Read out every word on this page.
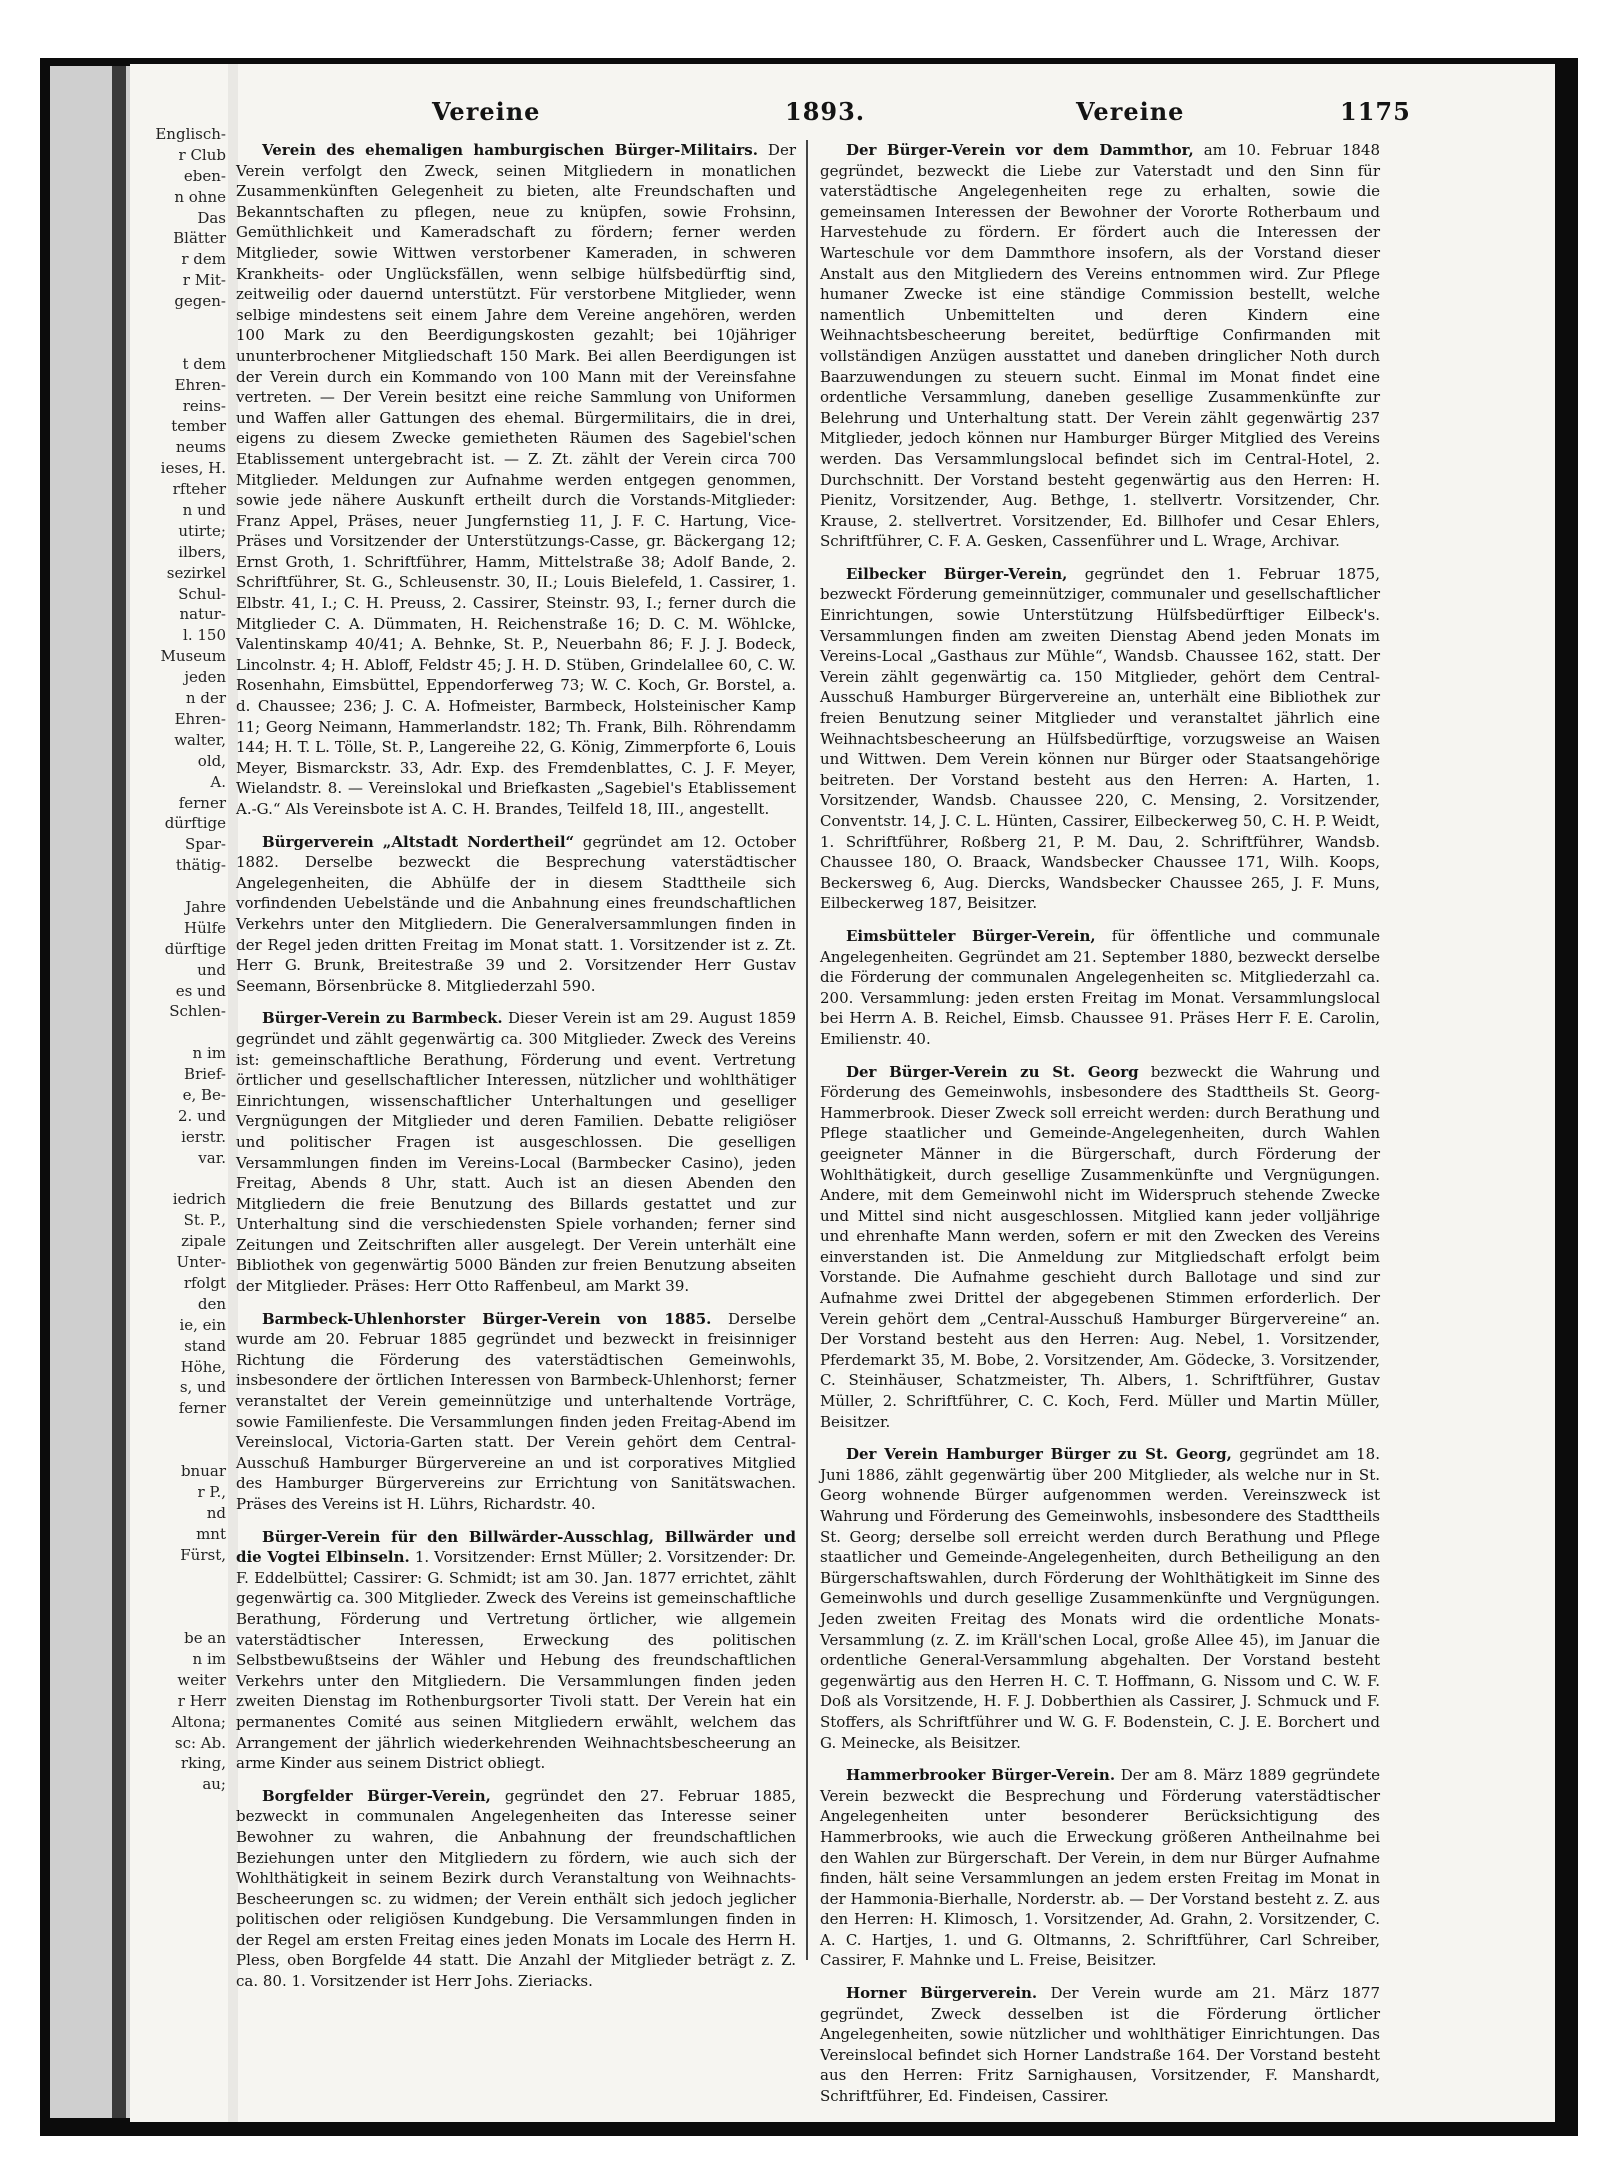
Englisch-
r Club
eben-
n ohne
Das
Blätter
r dem
r Mit-
gegen-
t dem
Ehren-
reins-
tember
neums
ieses, H.
rfteher
n und
utirte;
ilbers,
sezirkel
Schul-
natur-
l. 150
Museum
jeden
n der
Ehren-
walter,
old,
A.
ferner
dürftige
Spar-
thätig-
Jahre
Hülfe
dürftige
und
es und
Schlen-
n im
Brief-
e, Be-
2. und
ierstr.
var.
iedrich
St. P.,
zipale
Unter-
rfolgt
den
ie, ein
stand
Höhe,
s, und
ferner
bnuar
r P.,
nd
mnt
Fürst,
be an
n im
weiter
r Herr
Altona;
sc: Ab.
rking,
au;
Vereine	1893.	Vereine	1175

Verein des ehemaligen hamburgischen Bürger-Militairs. Der Verein verfolgt den Zweck, seinen Mitgliedern in monatlichen Zusammenkünften Gelegenheit zu bieten, alte Freundschaften und Bekanntschaften zu pflegen, neue zu knüpfen, sowie Frohsinn, Gemüthlichkeit und Kameradschaft zu fördern; ferner werden Mitglieder, sowie Wittwen verstorbener Kameraden, in schweren Krankheits- oder Unglücksfällen, wenn selbige hülfsbedürftig sind, zeitweilig oder dauernd unterstützt. Für verstorbene Mitglieder, wenn selbige mindestens seit einem Jahre dem Vereine angehören, werden 100 Mark zu den Beerdigungskosten gezahlt; bei 10jähriger ununterbrochener Mitgliedschaft 150 Mark. Bei allen Beerdigungen ist der Verein durch ein Kommando von 100 Mann mit der Vereinsfahne vertreten. — Der Verein besitzt eine reiche Sammlung von Uniformen und Waffen aller Gattungen des ehemal. Bürgermilitairs, die in drei, eigens zu diesem Zwecke gemietheten Räumen des Sagebiel'schen Etablissement untergebracht ist. — Z. Zt. zählt der Verein circa 700 Mitglieder. Meldungen zur Aufnahme werden entgegen genommen, sowie jede nähere Auskunft ertheilt durch die Vorstands-Mitglieder: Franz Appel, Präses, neuer Jungfernstieg 11, J. F. C. Hartung, Vice-Präses und Vorsitzender der Unterstützungs-Casse, gr. Bäckergang 12; Ernst Groth, 1. Schriftführer, Hamm, Mittelstraße 38; Adolf Bande, 2. Schriftführer, St. G., Schleusenstr. 30, II.; Louis Bielefeld, 1. Cassirer, 1. Elbstr. 41, I.; C. H. Preuss, 2. Cassirer, Steinstr. 93, I.; ferner durch die Mitglieder C. A. Dümmaten, H. Reichenstraße 16; D. C. M. Wöhlcke, Valentinskamp 40/41; A. Behnke, St. P., Neuerbahn 86; F. J. J. Bodeck, Lincolnstr. 4; H. Abloff, Feldstr 45; J. H. D. Stüben, Grindelallee 60, C. W. Rosenhahn, Eimsbüttel, Eppendorferweg 73; W. C. Koch, Gr. Borstel, a. d. Chaussee; 236; J. C. A. Hofmeister, Barmbeck, Holsteinischer Kamp 11; Georg Neimann, Hammerlandstr. 182; Th. Frank, Bilh. Röhrendamm 144; H. T. L. Tölle, St. P., Langereihe 22, G. König, Zimmerpforte 6, Louis Meyer, Bismarckstr. 33, Adr. Exp. des Fremdenblattes, C. J. F. Meyer, Wielandstr. 8. — Vereinslokal und Briefkasten „Sagebiel's Etablissement A.-G.“ Als Vereinsbote ist A. C. H. Brandes, Teilfeld 18, III., angestellt.

Bürgerverein „Altstadt Nordertheil“ gegründet am 12. October 1882. Derselbe bezweckt die Besprechung vaterstädtischer Angelegenheiten, die Abhülfe der in diesem Stadttheile sich vorfindenden Uebelstände und die Anbahnung eines freundschaftlichen Verkehrs unter den Mitgliedern. Die Generalversammlungen finden in der Regel jeden dritten Freitag im Monat statt. 1. Vorsitzender ist z. Zt. Herr G. Brunk, Breitestraße 39 und 2. Vorsitzender Herr Gustav Seemann, Börsenbrücke 8. Mitgliederzahl 590.

Bürger-Verein zu Barmbeck. Dieser Verein ist am 29. August 1859 gegründet und zählt gegenwärtig ca. 300 Mitglieder. Zweck des Vereins ist: gemeinschaftliche Berathung, Förderung und event. Vertretung örtlicher und gesellschaftlicher Interessen, nützlicher und wohlthätiger Einrichtungen, wissenschaftlicher Unterhaltungen und geselliger Vergnügungen der Mitglieder und deren Familien. Debatte religiöser und politischer Fragen ist ausgeschlossen. Die geselligen Versammlungen finden im Vereins-Local (Barmbecker Casino), jeden Freitag, Abends 8 Uhr, statt. Auch ist an diesen Abenden den Mitgliedern die freie Benutzung des Billards gestattet und zur Unterhaltung sind die verschiedensten Spiele vorhanden; ferner sind Zeitungen und Zeitschriften aller ausgelegt. Der Verein unterhält eine Bibliothek von gegenwärtig 5000 Bänden zur freien Benutzung abseiten der Mitglieder. Präses: Herr Otto Raffenbeul, am Markt 39.

Barmbeck-Uhlenhorster Bürger-Verein von 1885. Derselbe wurde am 20. Februar 1885 gegründet und bezweckt in freisinniger Richtung die Förderung des vaterstädtischen Gemeinwohls, insbesondere der örtlichen Interessen von Barmbeck-Uhlenhorst; ferner veranstaltet der Verein gemeinnützige und unterhaltende Vorträge, sowie Familienfeste. Die Versammlungen finden jeden Freitag-Abend im Vereinslocal, Victoria-Garten statt. Der Verein gehört dem Central-Ausschuß Hamburger Bürgervereine an und ist corporatives Mitglied des Hamburger Bürgervereins zur Errichtung von Sanitätswachen. Präses des Vereins ist H. Lührs, Richardstr. 40.

Bürger-Verein für den Billwärder-Ausschlag, Billwärder und die Vogtei Elbinseln. 1. Vorsitzender: Ernst Müller; 2. Vorsitzender: Dr. F. Eddelbüttel; Cassirer: G. Schmidt; ist am 30. Jan. 1877 errichtet, zählt gegenwärtig ca. 300 Mitglieder. Zweck des Vereins ist gemeinschaftliche Berathung, Förderung und Vertretung örtlicher, wie allgemein vaterstädtischer Interessen, Erweckung des politischen Selbstbewußtseins der Wähler und Hebung des freundschaftlichen Verkehrs unter den Mitgliedern. Die Versammlungen finden jeden zweiten Dienstag im Rothenburgsorter Tivoli statt. Der Verein hat ein permanentes Comité aus seinen Mitgliedern erwählt, welchem das Arrangement der jährlich wiederkehrenden Weihnachtsbescheerung an arme Kinder aus seinem District obliegt.

Borgfelder Bürger-Verein, gegründet den 27. Februar 1885, bezweckt in communalen Angelegenheiten das Interesse seiner Bewohner zu wahren, die Anbahnung der freundschaftlichen Beziehungen unter den Mitgliedern zu fördern, wie auch sich der Wohlthätigkeit in seinem Bezirk durch Veranstaltung von Weihnachts-Bescheerungen sc. zu widmen; der Verein enthält sich jedoch jeglicher politischen oder religiösen Kundgebung. Die Versammlungen finden in der Regel am ersten Freitag eines jeden Monats im Locale des Herrn H. Pless, oben Borgfelde 44 statt. Die Anzahl der Mitglieder beträgt z. Z. ca. 80. 1. Vorsitzender ist Herr Johs. Zieriacks.

Der Bürger-Verein vor dem Dammthor, am 10. Februar 1848 gegründet, bezweckt die Liebe zur Vaterstadt und den Sinn für vaterstädtische Angelegenheiten rege zu erhalten, sowie die gemeinsamen Interessen der Bewohner der Vororte Rotherbaum und Harvestehude zu fördern. Er fördert auch die Interessen der Warteschule vor dem Dammthore insofern, als der Vorstand dieser Anstalt aus den Mitgliedern des Vereins entnommen wird. Zur Pflege humaner Zwecke ist eine ständige Commission bestellt, welche namentlich Unbemittelten und deren Kindern eine Weihnachtsbescheerung bereitet, bedürftige Confirmanden mit vollständigen Anzügen ausstattet und daneben dringlicher Noth durch Baarzuwendungen zu steuern sucht. Einmal im Monat findet eine ordentliche Versammlung, daneben gesellige Zusammenkünfte zur Belehrung und Unterhaltung statt. Der Verein zählt gegenwärtig 237 Mitglieder, jedoch können nur Hamburger Bürger Mitglied des Vereins werden. Das Versammlungslocal befindet sich im Central-Hotel, 2. Durchschnitt. Der Vorstand besteht gegenwärtig aus den Herren: H. Pienitz, Vorsitzender, Aug. Bethge, 1. stellvertr. Vorsitzender, Chr. Krause, 2. stellvertret. Vorsitzender, Ed. Billhofer und Cesar Ehlers, Schriftführer, C. F. A. Gesken, Cassenführer und L. Wrage, Archivar.

Eilbecker Bürger-Verein, gegründet den 1. Februar 1875, bezweckt Förderung gemeinnütziger, communaler und gesellschaftlicher Einrichtungen, sowie Unterstützung Hülfsbedürftiger Eilbeck's. Versammlungen finden am zweiten Dienstag Abend jeden Monats im Vereins-Local „Gasthaus zur Mühle“, Wandsb. Chaussee 162, statt. Der Verein zählt gegenwärtig ca. 150 Mitglieder, gehört dem Central-Ausschuß Hamburger Bürgervereine an, unterhält eine Bibliothek zur freien Benutzung seiner Mitglieder und veranstaltet jährlich eine Weihnachtsbescheerung an Hülfsbedürftige, vorzugsweise an Waisen und Wittwen. Dem Verein können nur Bürger oder Staatsangehörige beitreten. Der Vorstand besteht aus den Herren: A. Harten, 1. Vorsitzender, Wandsb. Chaussee 220, C. Mensing, 2. Vorsitzender, Conventstr. 14, J. C. L. Hünten, Cassirer, Eilbeckerweg 50, C. H. P. Weidt, 1. Schriftführer, Roßberg 21, P. M. Dau, 2. Schriftführer, Wandsb. Chaussee 180, O. Braack, Wandsbecker Chaussee 171, Wilh. Koops, Beckersweg 6, Aug. Diercks, Wandsbecker Chaussee 265, J. F. Muns, Eilbeckerweg 187, Beisitzer.

Eimsbütteler Bürger-Verein, für öffentliche und communale Angelegenheiten. Gegründet am 21. September 1880, bezweckt derselbe die Förderung der communalen Angelegenheiten sc. Mitgliederzahl ca. 200. Versammlung: jeden ersten Freitag im Monat. Versammlungslocal bei Herrn A. B. Reichel, Eimsb. Chaussee 91. Präses Herr F. E. Carolin, Emilienstr. 40.

Der Bürger-Verein zu St. Georg bezweckt die Wahrung und Förderung des Gemeinwohls, insbesondere des Stadttheils St. Georg-Hammerbrook. Dieser Zweck soll erreicht werden: durch Berathung und Pflege staatlicher und Gemeinde-Angelegenheiten, durch Wahlen geeigneter Männer in die Bürgerschaft, durch Förderung der Wohlthätigkeit, durch gesellige Zusammenkünfte und Vergnügungen. Andere, mit dem Gemeinwohl nicht im Widerspruch stehende Zwecke und Mittel sind nicht ausgeschlossen. Mitglied kann jeder volljährige und ehrenhafte Mann werden, sofern er mit den Zwecken des Vereins einverstanden ist. Die Anmeldung zur Mitgliedschaft erfolgt beim Vorstande. Die Aufnahme geschieht durch Ballotage und sind zur Aufnahme zwei Drittel der abgegebenen Stimmen erforderlich. Der Verein gehört dem „Central-Ausschuß Hamburger Bürgervereine“ an. Der Vorstand besteht aus den Herren: Aug. Nebel, 1. Vorsitzender, Pferdemarkt 35, M. Bobe, 2. Vorsitzender, Am. Gödecke, 3. Vorsitzender, C. Steinhäuser, Schatzmeister, Th. Albers, 1. Schriftführer, Gustav Müller, 2. Schriftführer, C. C. Koch, Ferd. Müller und Martin Müller, Beisitzer.

Der Verein Hamburger Bürger zu St. Georg, gegründet am 18. Juni 1886, zählt gegenwärtig über 200 Mitglieder, als welche nur in St. Georg wohnende Bürger aufgenommen werden. Vereinszweck ist Wahrung und Förderung des Gemeinwohls, insbesondere des Stadttheils St. Georg; derselbe soll erreicht werden durch Berathung und Pflege staatlicher und Gemeinde-Angelegenheiten, durch Betheiligung an den Bürgerschaftswahlen, durch Förderung der Wohlthätigkeit im Sinne des Gemeinwohls und durch gesellige Zusammenkünfte und Vergnügungen. Jeden zweiten Freitag des Monats wird die ordentliche Monats-Versammlung (z. Z. im Kräll'schen Local, große Allee 45), im Januar die ordentliche General-Versammlung abgehalten. Der Vorstand besteht gegenwärtig aus den Herren H. C. T. Hoffmann, G. Nissom und C. W. F. Doß als Vorsitzende, H. F. J. Dobberthien als Cassirer, J. Schmuck und F. Stoffers, als Schriftführer und W. G. F. Bodenstein, C. J. E. Borchert und G. Meinecke, als Beisitzer.

Hammerbrooker Bürger-Verein. Der am 8. März 1889 gegründete Verein bezweckt die Besprechung und Förderung vaterstädtischer Angelegenheiten unter besonderer Berücksichtigung des Hammerbrooks, wie auch die Erweckung größeren Antheilnahme bei den Wahlen zur Bürgerschaft. Der Verein, in dem nur Bürger Aufnahme finden, hält seine Versammlungen an jedem ersten Freitag im Monat in der Hammonia-Bierhalle, Norderstr. ab. — Der Vorstand besteht z. Z. aus den Herren: H. Klimosch, 1. Vorsitzender, Ad. Grahn, 2. Vorsitzender, C. A. C. Hartjes, 1. und G. Oltmanns, 2. Schriftführer, Carl Schreiber, Cassirer, F. Mahnke und L. Freise, Beisitzer.

Horner Bürgerverein. Der Verein wurde am 21. März 1877 gegründet, Zweck desselben ist die Förderung örtlicher Angelegenheiten, sowie nützlicher und wohlthätiger Einrichtungen. Das Vereinslocal befindet sich Horner Landstraße 164. Der Vorstand besteht aus den Herren: Fritz Sarnighausen, Vorsitzender, F. Manshardt, Schriftführer, Ed. Findeisen, Cassirer.
